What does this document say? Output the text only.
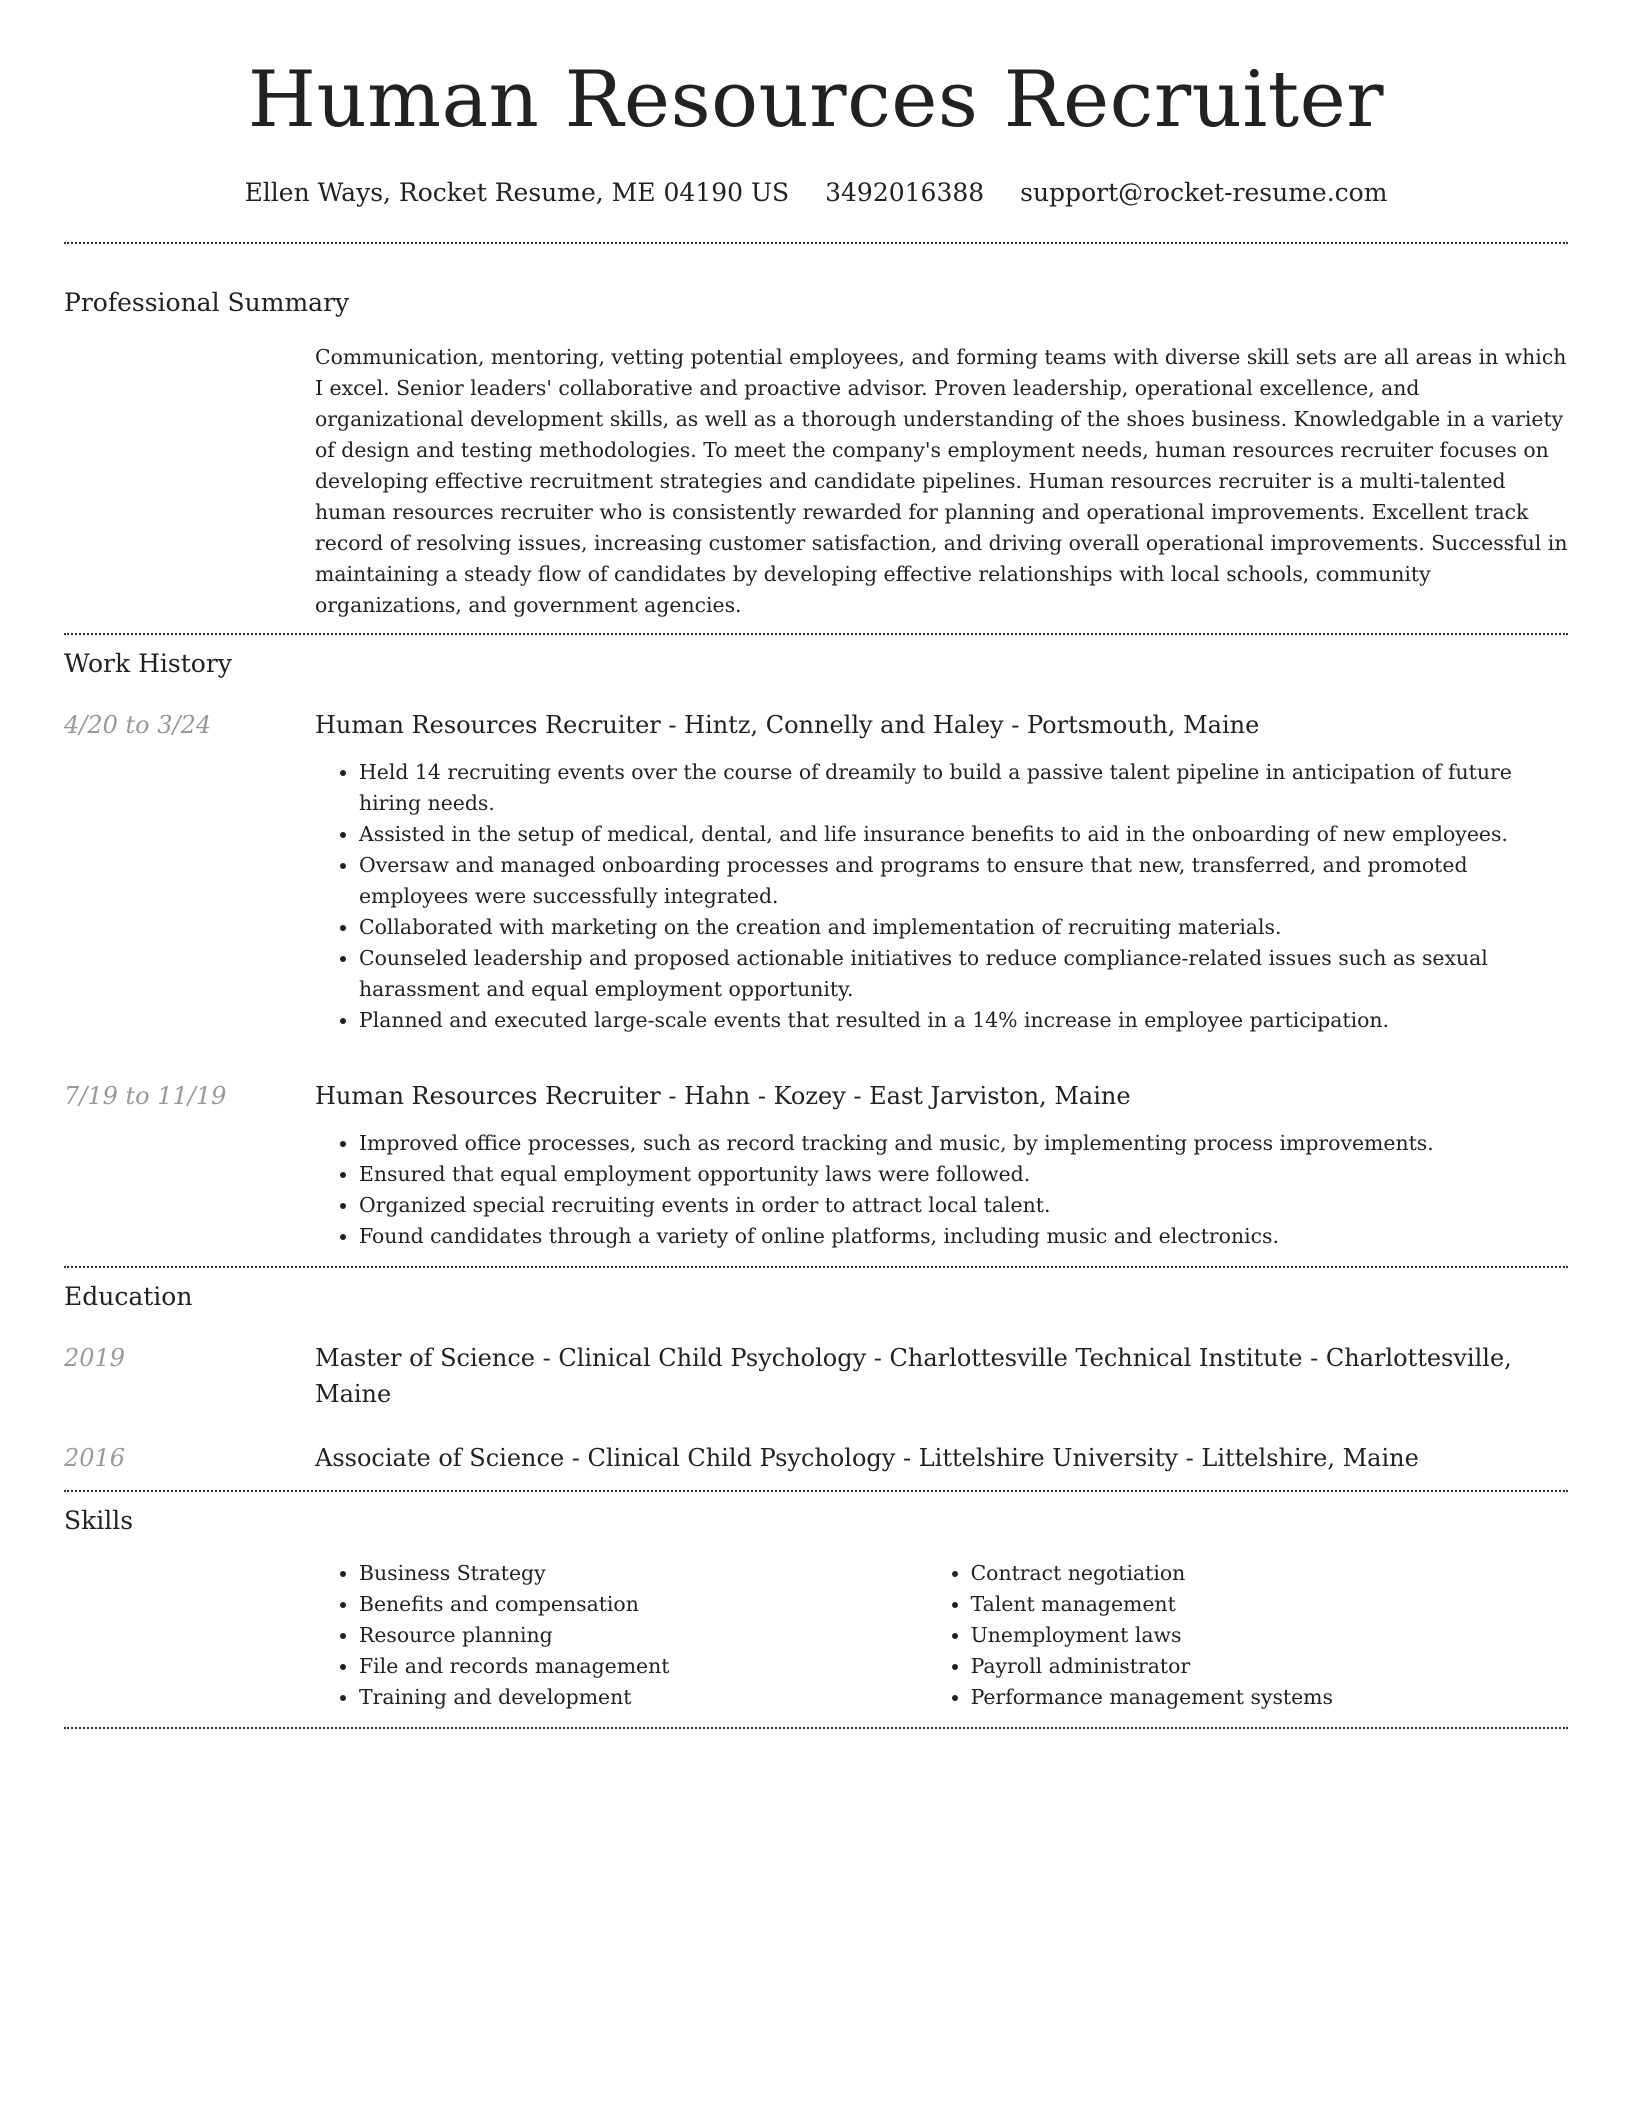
Human Resources Recruiter
Ellen Ways, Rocket Resume, ME 04190 US 3492016388 support@rocket-resume.com
Professional Summary
Communication, mentoring, vetting potential employees, and forming teams with diverse skill sets are all areas in which I excel. Senior leaders' collaborative and proactive advisor. Proven leadership, operational excellence, and organizational development skills, as well as a thorough understanding of the shoes business. Knowledgable in a variety of design and testing methodologies. To meet the company's employment needs, human resources recruiter focuses on developing effective recruitment strategies and candidate pipelines. Human resources recruiter is a multi-talented human resources recruiter who is consistently rewarded for planning and operational improvements. Excellent track record of resolving issues, increasing customer satisfaction, and driving overall operational improvements. Successful in maintaining a steady flow of candidates by developing effective relationships with local schools, community organizations, and government agencies.
Work History
4/20 to 3/24	Human Resources Recruiter - Hintz, Connelly and Haley - Portsmouth, Maine
• Held 14 recruiting events over the course of dreamily to build a passive talent pipeline in anticipation of future hiring needs.
• Assisted in the setup of medical, dental, and life insurance benefits to aid in the onboarding of new employees.
• Oversaw and managed onboarding processes and programs to ensure that new, transferred, and promoted employees were successfully integrated.
• Collaborated with marketing on the creation and implementation of recruiting materials.
• Counseled leadership and proposed actionable initiatives to reduce compliance-related issues such as sexual harassment and equal employment opportunity.
• Planned and executed large-scale events that resulted in a 14% increase in employee participation.
7/19 to 11/19	Human Resources Recruiter - Hahn - Kozey - East Jarviston, Maine
• Improved office processes, such as record tracking and music, by implementing process improvements.
• Ensured that equal employment opportunity laws were followed.
• Organized special recruiting events in order to attract local talent.
• Found candidates through a variety of online platforms, including music and electronics.
Education
2019	Master of Science - Clinical Child Psychology - Charlottesville Technical Institute - Charlottesville, Maine
2016	Associate of Science - Clinical Child Psychology - Littelshire University - Littelshire, Maine
Skills
• Business Strategy
• Benefits and compensation
• Resource planning
• File and records management
• Training and development
• Contract negotiation
• Talent management
• Unemployment laws
• Payroll administrator
• Performance management systems
